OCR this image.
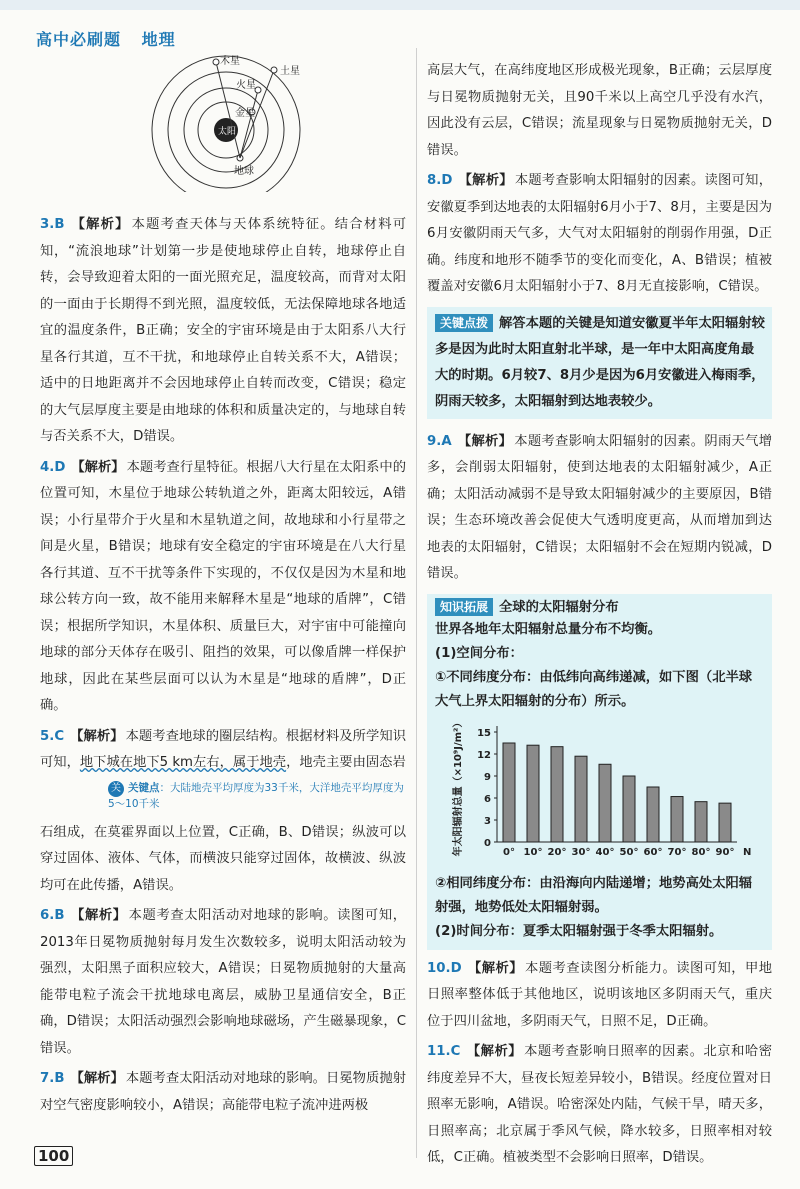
高中必刷题 地理
木星
土星
火星
金星
太阳
地球

3.B 【解析】 本题考查天体与天体系统特征。结合材料可知，“流浪地球”计划第一步是使地球停止自转，地球停止自转，会导致迎着太阳的一面光照充足，温度较高，而背对太阳的一面由于长期得不到光照，温度较低，无法保障地球各地适宜的温度条件，B正确；安全的宇宙环境是由于太阳系八大行星各行其道，互不干扰，和地球停止自转关系不大，A错误；适中的日地距离并不会因地球停止自转而改变，C错误；稳定的大气层厚度主要是由地球的体积和质量决定的，与地球自转与否关系不大，D错误。

4.D 【解析】 本题考查行星特征。根据八大行星在太阳系中的位置可知，木星位于地球公转轨道之外，距离太阳较远，A错误；小行星带介于火星和木星轨道之间，故地球和小行星带之间是火星，B错误；地球有安全稳定的宇宙环境是在八大行星各行其道、互不干扰等条件下实现的，不仅仅是因为木星和地球公转方向一致，故不能用来解释木星是“地球的盾牌”，C错误；根据所学知识，木星体积、质量巨大，对宇宙中可能撞向地球的部分天体存在吸引、阻挡的效果，可以像盾牌一样保护地球，因此在某些层面可以认为木星是“地球的盾牌”，D正确。

5.C 【解析】 本题考查地球的圈层结构。根据材料及所学知识可知，地下城在地下5 km左右，属于地壳，地壳主要由固态岩

关 关键点：大陆地壳平均厚度为33千米，大洋地壳平均厚度为5～10千米

石组成，在莫霍界面以上位置，C正确，B、D错误；纵波可以穿过固体、液体、气体，而横波只能穿过固体，故横波、纵波均可在此传播，A错误。

6.B 【解析】 本题考查太阳活动对地球的影响。读图可知，2013年日冕物质抛射每月发生次数较多，说明太阳活动较为强烈，太阳黑子面积应较大，A错误；日冕物质抛射的大量高能带电粒子流会干扰地球电离层，威胁卫星通信安全，B正确，D错误；太阳活动强烈会影响地球磁场，产生磁暴现象，C错误。

7.B 【解析】 本题考查太阳活动对地球的影响。日冕物质抛射对空气密度影响较小，A错误；高能带电粒子流冲进两极

高层大气，在高纬度地区形成极光现象，B正确；云层厚度与日冕物质抛射无关，且90千米以上高空几乎没有水汽，因此没有云层，C错误；流星现象与日冕物质抛射无关，D错误。

8.D 【解析】 本题考查影响太阳辐射的因素。读图可知，安徽夏季到达地表的太阳辐射6月小于7、8月，主要是因为6月安徽阴雨天气多，大气对太阳辐射的削弱作用强，D正确。纬度和地形不随季节的变化而变化，A、B错误；植被覆盖对安徽6月太阳辐射小于7、8月无直接影响，C错误。

关键点拨 解答本题的关键是知道安徽夏半年太阳辐射较多是因为此时太阳直射北半球，是一年中太阳高度角最大的时期。6月较7、8月少是因为6月安徽进入梅雨季，阴雨天较多，太阳辐射到达地表较少。

9.A 【解析】 本题考查影响太阳辐射的因素。阴雨天气增多，会削弱太阳辐射，使到达地表的太阳辐射减少，A正确；太阳活动减弱不是导致太阳辐射减少的主要原因，B错误；生态环境改善会促使大气透明度更高，从而增加到达地表的太阳辐射，C错误；太阳辐射不会在短期内锐减，D错误。

知识拓展 全球的太阳辐射分布
世界各地年太阳辐射总量分布不均衡。
(1)空间分布：
①不同纬度分布：由低纬向高纬递减，如下图（北半球大气上界太阳辐射的分布）所示。
0
3
6
9
12
15
0° 10° 20° 30° 40° 50° 60° 70° 80° 90° N
年太阳辐射总量（×10⁹J/m²）
②相同纬度分布：由沿海向内陆递增；地势高处太阳辐射强，地势低处太阳辐射弱。
(2)时间分布：夏季太阳辐射强于冬季太阳辐射。

10.D 【解析】 本题考查读图分析能力。读图可知，甲地日照率整体低于其他地区，说明该地区多阴雨天气，重庆位于四川盆地，多阴雨天气，日照不足，D正确。

11.C 【解析】 本题考查影响日照率的因素。北京和哈密纬度差异不大，昼夜长短差异较小，B错误。经度位置对日照率无影响，A错误。哈密深处内陆，气候干旱，晴天多，日照率高；北京属于季风气候，降水较多，日照率相对较低，C正确。植被类型不会影响日照率，D错误。

100
